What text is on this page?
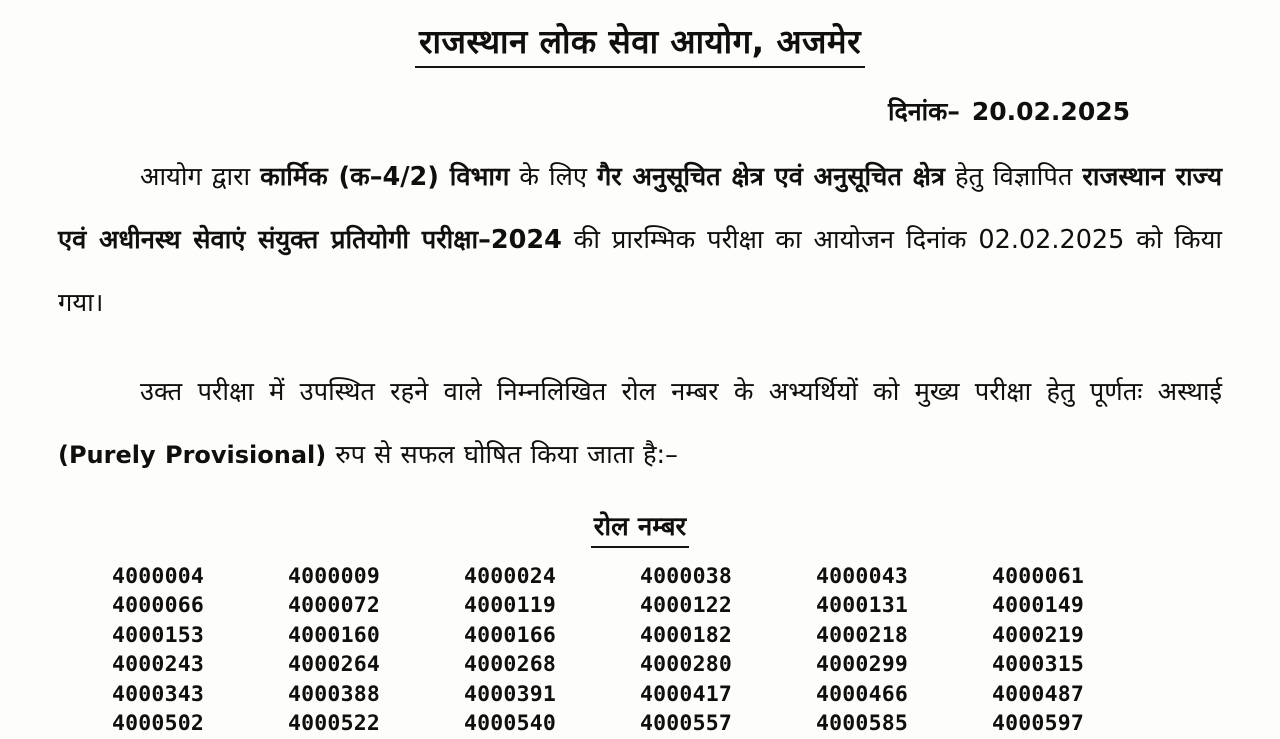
राजस्थान लोक सेवा आयोग, अजमेर
दिनांक– 20.02.2025

आयोग द्वारा कार्मिक (क–4/2) विभाग के लिए गैर अनुसूचित क्षेत्र एवं अनुसूचित क्षेत्र हेतु विज्ञापित राजस्थान राज्य एवं अधीनस्थ सेवाएं संयुक्त प्रतियोगी परीक्षा–2024 की प्रारम्भिक परीक्षा का आयोजन दिनांक 02.02.2025 को किया गया।

उक्त परीक्षा में उपस्थित रहने वाले निम्नलिखित रोल नम्बर के अभ्यर्थियों को मुख्य परीक्षा हेतु पूर्णतः अस्थाई (Purely Provisional) रुप से सफल घोषित किया जाता है:–

रोल नम्बर
4000004	4000009	4000024	4000038	4000043	4000061
4000066	4000072	4000119	4000122	4000131	4000149
4000153	4000160	4000166	4000182	4000218	4000219
4000243	4000264	4000268	4000280	4000299	4000315
4000343	4000388	4000391	4000417	4000466	4000487
4000502	4000522	4000540	4000557	4000585	4000597
